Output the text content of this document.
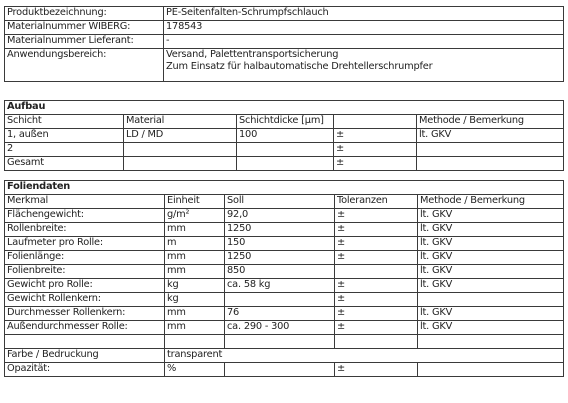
Produktbezeichnung:	PE-Seitenfalten-Schrumpfschlauch
Materialnummer WIBERG:	178543
Materialnummer Lieferant:	-
Anwendungsbereich:	Versand, Palettentransportsicherung
Zum Einsatz für halbautomatische Drehtellerschrumpfer
Aufbau				
Schicht	Material	Schichtdicke [µm]		Methode / Bemerkung
1, außen	LD / MD	100	±	lt. GKV
2			±	
Gesamt			±	
Foliendaten				
Merkmal	Einheit	Soll	Toleranzen	Methode / Bemerkung
Flächengewicht:	g/m²	92,0	±	lt. GKV
Rollenbreite:	mm	1250	±	lt. GKV
Laufmeter pro Rolle:	m	150	±	lt. GKV
Folienlänge:	mm	1250	±	lt. GKV
Folienbreite:	mm	850		lt. GKV
Gewicht pro Rolle:	kg	ca. 58 kg	±	lt. GKV
Gewicht Rollenkern:	kg		±	
Durchmesser Rollenkern:	mm	76	±	lt. GKV
Außendurchmesser Rolle:	mm	ca. 290 - 300	±	lt. GKV

Farbe / Bedruckung	transparent			
Opazität:	%		±	
